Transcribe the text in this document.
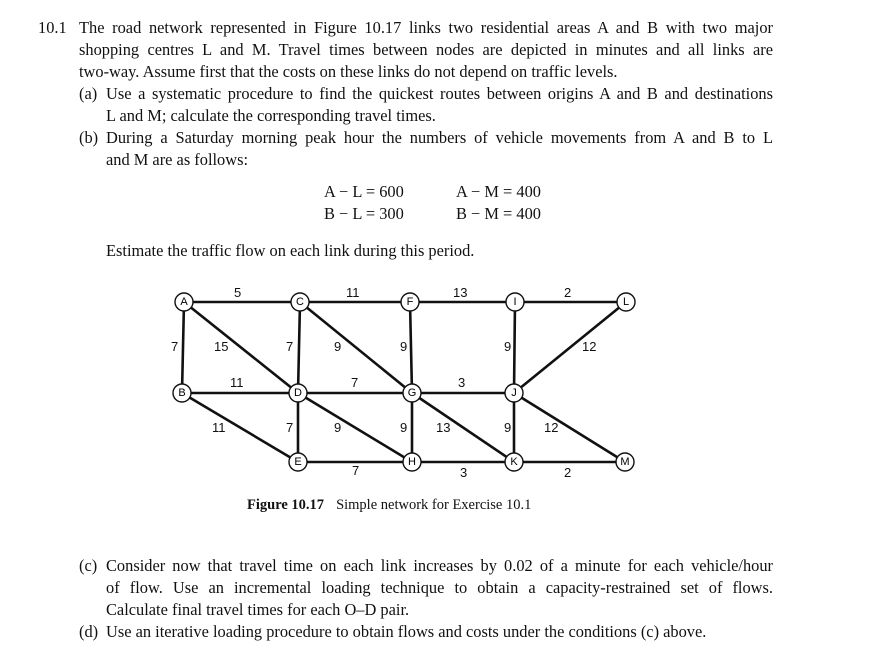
10.1 The road network represented in Figure 10.17 links two residential areas A and B with two major
shopping centres L and M. Travel times between nodes are depicted in minutes and all links are
two-way. Assume first that the costs on these links do not depend on traffic levels.
(a) Use a systematic procedure to find the quickest routes between origins A and B and destinations
L and M; calculate the corresponding travel times.
(b) During a Saturday morning peak hour the numbers of vehicle movements from A and B to L
and M are as follows:
A − L = 600	A − M = 400
B − L = 300	B − M = 400
Estimate the traffic flow on each link during this period.
5	11	13	2
7	15	7	9	9	9	12
11	7	3
11	7	9	9 13	9	12
7	3	2
A
B
C
D
E
F
G
H
I
J
K
L
M
Figure 10.17 Simple network for Exercise 10.1
(c) Consider now that travel time on each link increases by 0.02 of a minute for each vehicle/hour
of flow. Use an incremental loading technique to obtain a capacity-restrained set of flows.
Calculate final travel times for each O–D pair.
(d) Use an iterative loading procedure to obtain flows and costs under the conditions (c) above.
